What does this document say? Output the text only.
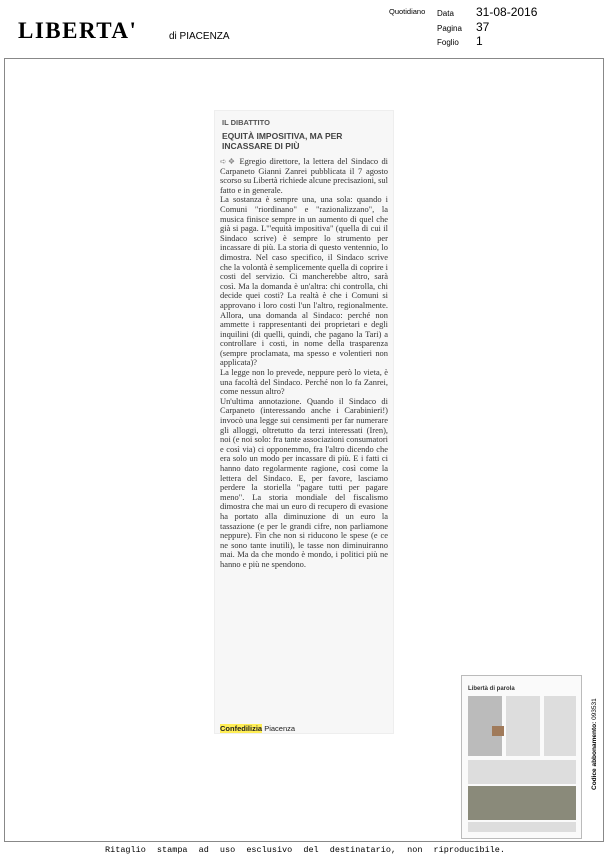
LIBERTA'	di PIACENZA
Quotidiano Data 31-08-2016
Pagina 37
Foglio 1
IL DIBATTITO
EQUITÀ IMPOSITIVA, MA PER INCASSARE DI PIÙ

➪❖ Egregio direttore, la lettera del Sindaco di Carpaneto Gianni Zanrei pubblicata il 7 agosto scorso su Libertà richiede alcune precisazioni, sul fatto e in generale.

La sostanza è sempre una, una sola: quando i Comuni "riordinano" e "razionalizzano", la musica finisce sempre in un aumento di quel che già si paga. L'"equità impositiva" (quella di cui il Sindaco scrive) è sempre lo strumento per incassare di più. La storia di questo ventennio, lo dimostra. Nel caso specifico, il Sindaco scrive che la volontà è semplicemente quella di coprire i costi del servizio. Ci mancherebbe altro, sarà così. Ma la domanda è un'altra: chi controlla, chi decide quei costi? La realtà è che i Comuni si approvano i loro costi l'un l'altro, regionalmente. Allora, una domanda al Sindaco: perché non ammette i rappresentanti dei proprietari e degli inquilini (di quelli, quindi, che pagano la Tari) a controllare i costi, in nome della trasparenza (sempre proclamata, ma spesso e volentieri non applicata)?

La legge non lo prevede, neppure però lo vieta, è una facoltà del Sindaco. Perché non lo fa Zanrei, come nessun altro?

Un'ultima annotazione. Quando il Sindaco di Carpaneto (interessando anche i Carabinieri!) invocò una legge sui censimenti per far numerare gli alloggi, oltretutto da terzi interessati (Iren), noi (e noi solo: fra tante associazioni consumatori e così via) ci opponemmo, fra l'altro dicendo che era solo un modo per incassare di più. E i fatti ci hanno dato regolarmente ragione, così come la lettera del Sindaco. E, per favore, lasciamo perdere la storiella "pagare tutti per pagare meno". La storia mondiale del fiscalismo dimostra che mai un euro di recupero di evasione ha portato alla diminuzione di un euro la tassazione (e per le grandi cifre, non parliamone neppure). Fin che non si riducono le spese (e ce ne sono tante inutili), le tasse non diminuiranno mai. Ma da che mondo è mondo, i politici più ne hanno e più ne spendono.

Confedilizia Piacenza
Libertà di parola
Codice abbonamento: 093531
Ritaglio stampa ad uso esclusivo del destinatario, non riproducibile.
